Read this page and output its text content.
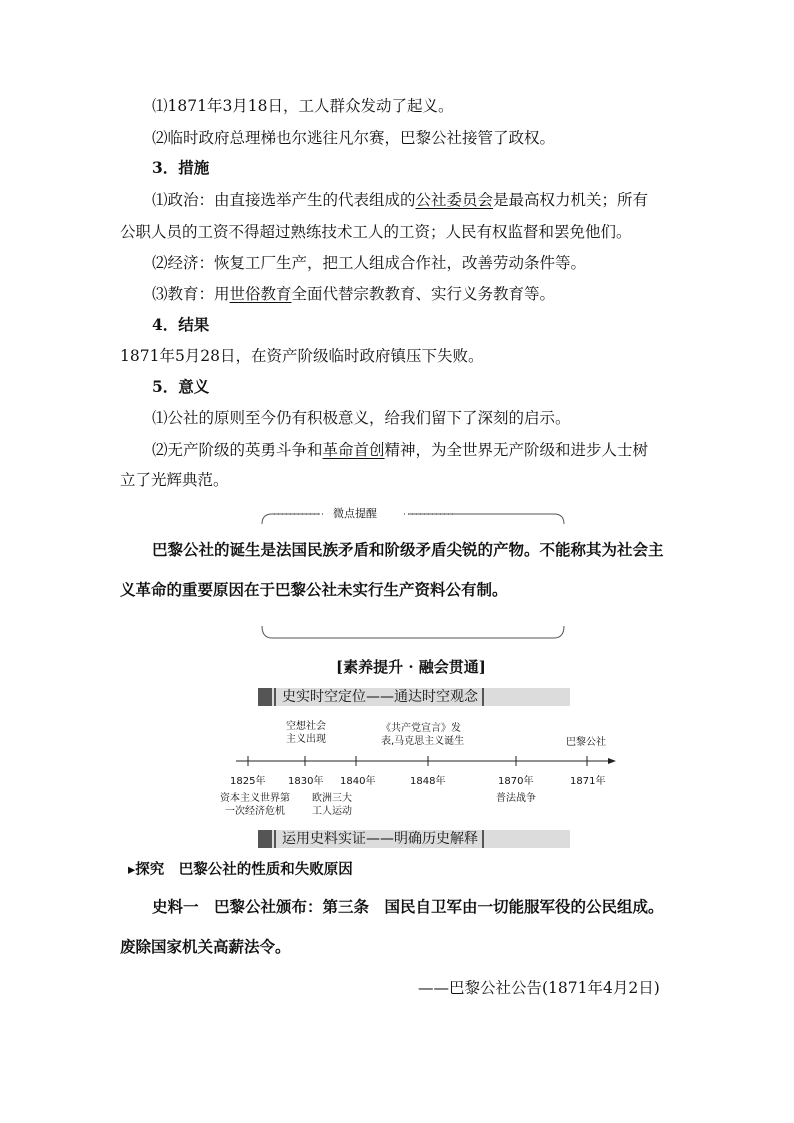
⑴1871年3月18日，工人群众发动了起义。
⑵临时政府总理梯也尔逃往凡尔赛，巴黎公社接管了政权。
3．措施
⑴政治：由直接选举产生的代表组成的公社委员会是最高权力机关；所有
公职人员的工资不得超过熟练技术工人的工资；人民有权监督和罢免他们。
⑵经济：恢复工厂生产，把工人组成合作社，改善劳动条件等。
⑶教育：用世俗教育全面代替宗教教育、实行义务教育等。
4．结果
1871年5月28日，在资产阶级临时政府镇压下失败。
5．意义
⑴公社的原则至今仍有积极意义，给我们留下了深刻的启示。
⑵无产阶级的英勇斗争和革命首创精神，为全世界无产阶级和进步人士树
立了光辉典范。
微点提醒
巴黎公社的诞生是法国民族矛盾和阶级矛盾尖锐的产物。不能称其为社会主
义革命的重要原因在于巴黎公社未实行生产资料公有制。
[素养提升 · 融会贯通]
史实时空定位——通达时空观念
空想社会
主义出现
《共产党宣言》发
表,马克思主义诞生	巴黎公社
1825年 1830年 1840年	1848年	1870年	1871年
资本主义世界第
一次经济危机
欧洲三大
工人运动
普法战争
运用史料实证——明确历史解释
▸探究　巴黎公社的性质和失败原因
史料一　巴黎公社颁布：第三条　国民自卫军由一切能服军役的公民组成。
废除国家机关高薪法令。
——巴黎公社公告(1871年4月2日)
